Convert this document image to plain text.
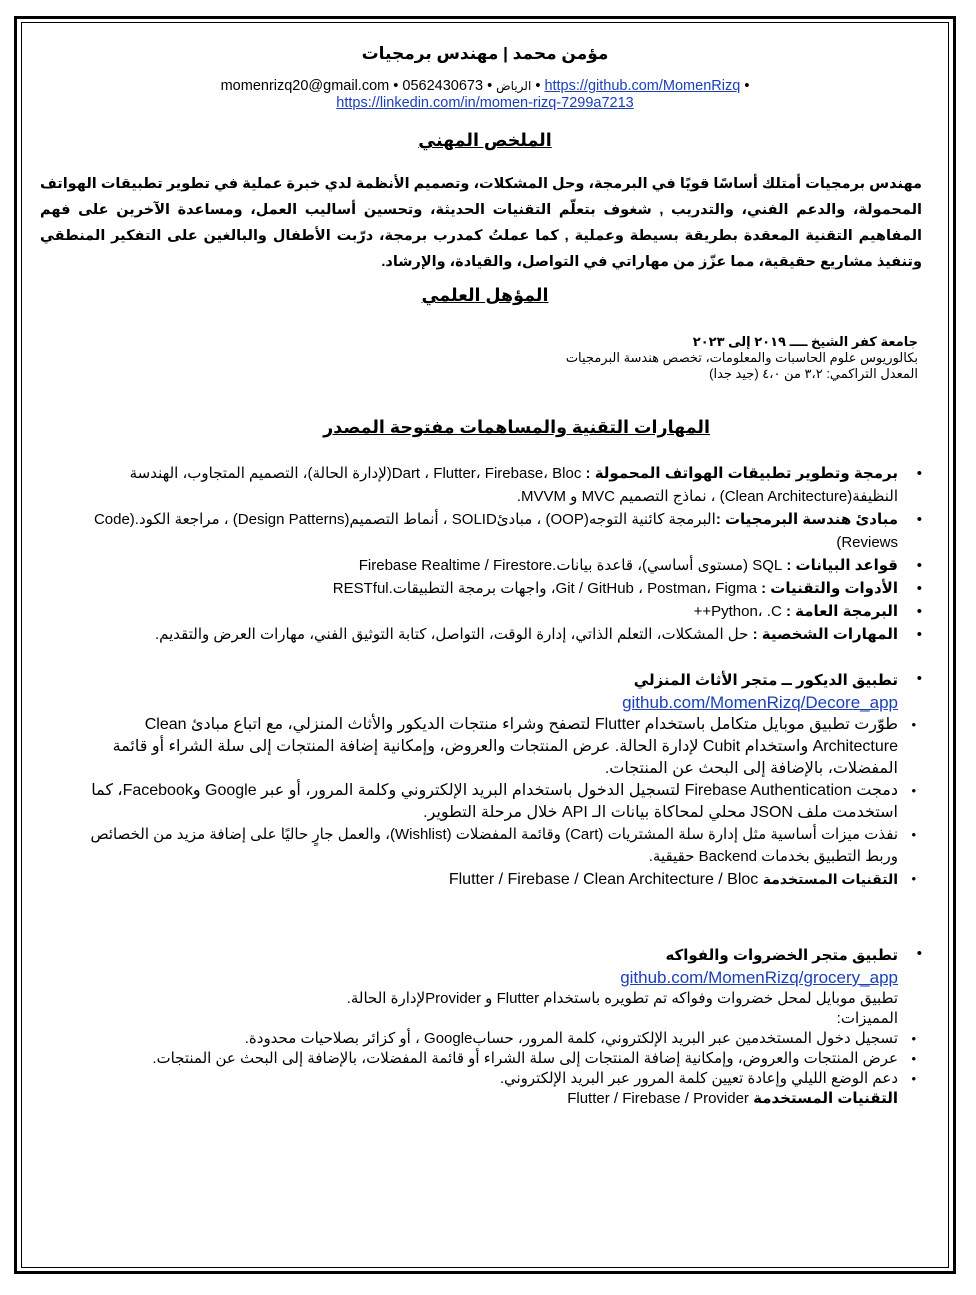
مؤمن محمد | مهندس برمجيات
momenrizq20@gmail.com • 0562430673 • الرياض • https://github.com/MomenRizq •
https://linkedin.com/in/momen-rizq-7299a7213
الملخص المهني
مهندس برمجيات أمتلك أساسًا قويًا في البرمجة، وحل المشكلات، وتصميم الأنظمة لدي خبرة عملية في تطوير تطبيقات الهواتف المحمولة، والدعم الفني، والتدريب , شغوف بتعلّم التقنيات الحديثة، وتحسين أساليب العمل، ومساعدة الآخرين على فهم المفاهيم التقنية المعقدة بطريقة بسيطة وعملية , كما عملتُ كمدرب برمجة، درّبت الأطفال والبالغين على التفكير المنطقي وتنفيذ مشاريع حقيقية، مما عزّز من مهاراتي في التواصل، والقيادة، والإرشاد.
المؤهل العلمي
جامعة كفر الشيخ ــــ ٢٠١٩ إلى ٢٠٢٣
بكالوريوس علوم الحاسبات والمعلومات، تخصص هندسة البرمجيات
المعدل التراكمي: ٣،٢ من ٤،٠ (جيد جدا)
المهارات التقنية والمساهمات مفتوحة المصدر
• برمجة وتطوير تطبيقات الهواتف المحمولة : Dart ، Flutter، Firebase، Bloc(لإدارة الحالة)، التصميم المتجاوب، الهندسة النظيفة(Clean Architecture) ، نماذج التصميم MVC و MVVM.
• مبادئ هندسة البرمجيات :البرمجة كائنية التوجه(OOP) ، مبادئSOLID ، أنماط التصميم(Design Patterns) ، مراجعة الكود.(Code Reviews)
• قواعد البيانات : SQL (مستوى أساسي)، قاعدة بيانات.Firebase Realtime / Firestore
• الأدوات والتقنيات : Git / GitHub ، Postman، Figma، واجهات برمجة التطبيقات.RESTful
• البرمجة العامة : Python، .C++
• المهارات الشخصية : حل المشكلات، التعلم الذاتي، إدارة الوقت، التواصل، كتابة التوثيق الفني، مهارات العرض والتقديم.
• تطبيق الديكور ــ متجر الأثاث المنزلي
github.com/MomenRizq/Decore_app
• طوّرت تطبيق موبايل متكامل باستخدام Flutter لتصفح وشراء منتجات الديكور والأثاث المنزلي، مع اتباع مبادئ Clean Architecture واستخدام Cubit لإدارة الحالة. عرض المنتجات والعروض، وإمكانية إضافة المنتجات إلى سلة الشراء أو قائمة المفضلات، بالإضافة إلى البحث عن المنتجات.
• دمجت Firebase Authentication لتسجيل الدخول باستخدام البريد الإلكتروني وكلمة المرور، أو عبر Google وFacebook، كما استخدمت ملف JSON محلي لمحاكاة بيانات الـ API خلال مرحلة التطوير.
• نفذت ميزات أساسية مثل إدارة سلة المشتريات (Cart) وقائمة المفضلات (Wishlist)، والعمل جارٍ حاليًا على إضافة مزيد من الخصائص وربط التطبيق بخدمات Backend حقيقية.
• التقنيات المستخدمة Flutter / Firebase / Clean Architecture / Bloc
• تطبيق متجر الخضروات والفواكه
github.com/MomenRizq/grocery_app
تطبيق موبايل لمحل خضروات وفواكه تم تطويره باستخدام Flutter و Providerلإدارة الحالة.
المميزات:
• تسجيل دخول المستخدمين عبر البريد الإلكتروني، كلمة المرور، حسابGoogle ، أو كزائر بصلاحيات محدودة.
• عرض المنتجات والعروض، وإمكانية إضافة المنتجات إلى سلة الشراء أو قائمة المفضلات، بالإضافة إلى البحث عن المنتجات.
• دعم الوضع الليلي وإعادة تعيين كلمة المرور عبر البريد الإلكتروني.
التقنيات المستخدمة Flutter / Firebase / Provider
